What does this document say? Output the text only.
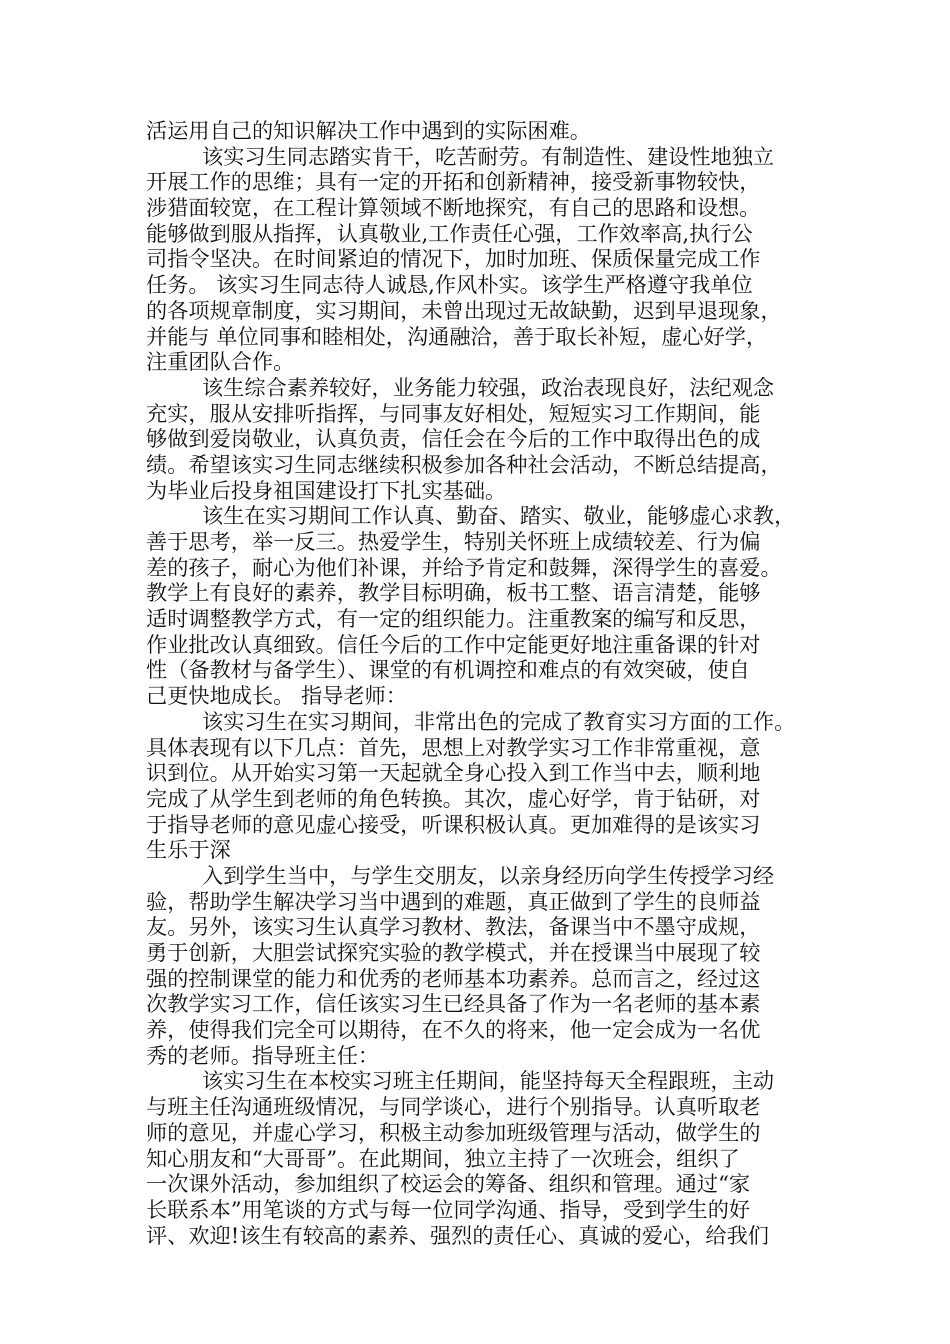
活运用自己的知识解决工作中遇到的实际困难。
该实习生同志踏实肯干，吃苦耐劳。有制造性、建设性地独立
开展工作的思维；具有一定的开拓和创新精神，接受新事物较快，
涉猎面较宽，在工程计算领域不断地探究，有自己的思路和设想。
能够做到服从指挥，认真敬业,工作责任心强，工作效率高,执行公
司指令坚决。在时间紧迫的情况下，加时加班、保质保量完成工作
任务。 该实习生同志待人诚恳,作风朴实。该学生严格遵守我单位
的各项规章制度，实习期间，未曾出现过无故缺勤，迟到早退现象，
并能与 单位同事和睦相处，沟通融洽，善于取长补短，虚心好学，
注重团队合作。
该生综合素养较好，业务能力较强，政治表现良好，法纪观念
充实，服从安排听指挥，与同事友好相处，短短实习工作期间，能
够做到爱岗敬业，认真负责，信任会在今后的工作中取得出色的成
绩。希望该实习生同志继续积极参加各种社会活动，不断总结提高，
为毕业后投身祖国建设打下扎实基础。
该生在实习期间工作认真、勤奋、踏实、敬业，能够虚心求教，
善于思考，举一反三。热爱学生，特别关怀班上成绩较差、行为偏
差的孩子，耐心为他们补课，并给予肯定和鼓舞，深得学生的喜爱。
教学上有良好的素养，教学目标明确，板书工整、语言清楚，能够
适时调整教学方式，有一定的组织能力。注重教案的编写和反思，
作业批改认真细致。信任今后的工作中定能更好地注重备课的针对
性（备教材与备学生）、课堂的有机调控和难点的有效突破，使自
己更快地成长。 指导老师：
该实习生在实习期间，非常出色的完成了教育实习方面的工作。
具体表现有以下几点：首先，思想上对教学实习工作非常重视，意
识到位。从开始实习第一天起就全身心投入到工作当中去，顺利地
完成了从学生到老师的角色转换。其次，虚心好学，肯于钻研，对
于指导老师的意见虚心接受，听课积极认真。更加难得的是该实习
生乐于深
入到学生当中，与学生交朋友，以亲身经历向学生传授学习经
验，帮助学生解决学习当中遇到的难题，真正做到了学生的良师益
友。另外，该实习生认真学习教材、教法，备课当中不墨守成规，
勇于创新，大胆尝试探究实验的教学模式，并在授课当中展现了较
强的控制课堂的能力和优秀的老师基本功素养。总而言之，经过这
次教学实习工作，信任该实习生已经具备了作为一名老师的基本素
养，使得我们完全可以期待，在不久的将来，他一定会成为一名优
秀的老师。指导班主任：
该实习生在本校实习班主任期间，能坚持每天全程跟班，主动
与班主任沟通班级情况，与同学谈心，进行个别指导。认真听取老
师的意见，并虚心学习，积极主动参加班级管理与活动，做学生的
知心朋友和“大哥哥”。在此期间，独立主持了一次班会，组织了
一次课外活动，参加组织了校运会的筹备、组织和管理。通过“家
长联系本”用笔谈的方式与每一位同学沟通、指导，受到学生的好
评、欢迎!该生有较高的素养、强烈的责任心、真诚的爱心，给我们
